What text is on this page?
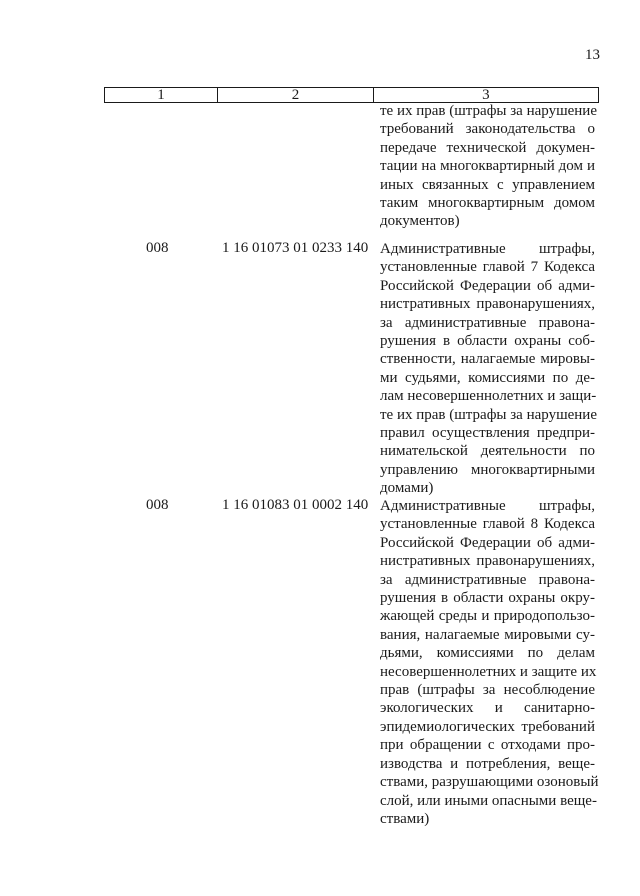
13
1	2	3
те их прав (штрафы за нарушение
требований законодательства о
передаче технической докумен-
тации на многоквартирный дом и
иных связанных с управлением
таким многоквартирным домом
документов)
008	1 16 01073 01 0233 140 Административные штрафы,
установленные главой 7 Кодекса
Российской Федерации об адми-
нистративных правонарушениях,
за административные правона-
рушения в области охраны соб-
ственности, налагаемые мировы-
ми судьями, комиссиями по де-
лам несовершеннолетних и защи-
те их прав (штрафы за нарушение
правил осуществления предпри-
нимательской деятельности по
управлению многоквартирными
домами)
008	1 16 01083 01 0002 140 Административные штрафы,
установленные главой 8 Кодекса
Российской Федерации об адми-
нистративных правонарушениях,
за административные правона-
рушения в области охраны окру-
жающей среды и природопользо-
вания, налагаемые мировыми су-
дьями, комиссиями по делам
несовершеннолетних и защите их
прав (штрафы за несоблюдение
экологических и санитарно-
эпидемиологических требований
при обращении с отходами про-
изводства и потребления, веще-
ствами, разрушающими озоновый
слой, или иными опасными веще-
ствами)
